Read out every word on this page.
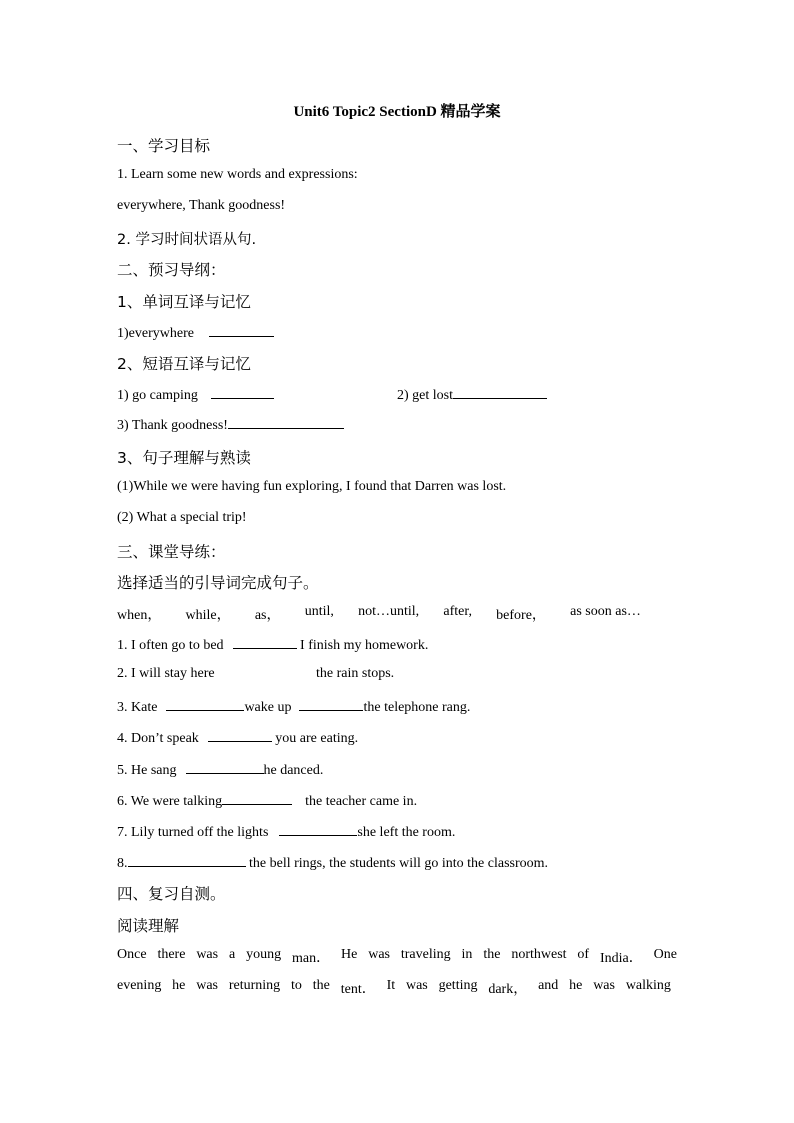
Unit6 Topic2 SectionD 精品学案
一、学习目标
1. Learn some new words and expressions:
everywhere, Thank goodness!
2. 学习时间状语从句.
二、预习导纲：
1、单词互译与记忆
1)everywhere
2、短语互译与记忆
1) go camping	2) get lost
3) Thank goodness!
3、句子理解与熟读
(1)While we were having fun exploring, I found that Darren was lost.
(2) What a special trip!
三、课堂导练：
选择适当的引导词完成句子。
when， while， as， until, not…until, after, before， as soon as…
1. I often go to bed	I finish my homework.
2. I will stay here	the rain stops.
3. Kate	wake up	the telephone rang.
4. Don’t speak	you are eating.
5. He sang	he danced.
6. We were talking	the teacher came in.
7. Lily turned off the lights	she left the room.
8.	the bell rings, the students will go into the classroom.
四、复习自测。
阅读理解
Once there was a young man． He was traveling in the northwest of India． One
evening he was returning to the tent． It was getting dark， and he was walking
